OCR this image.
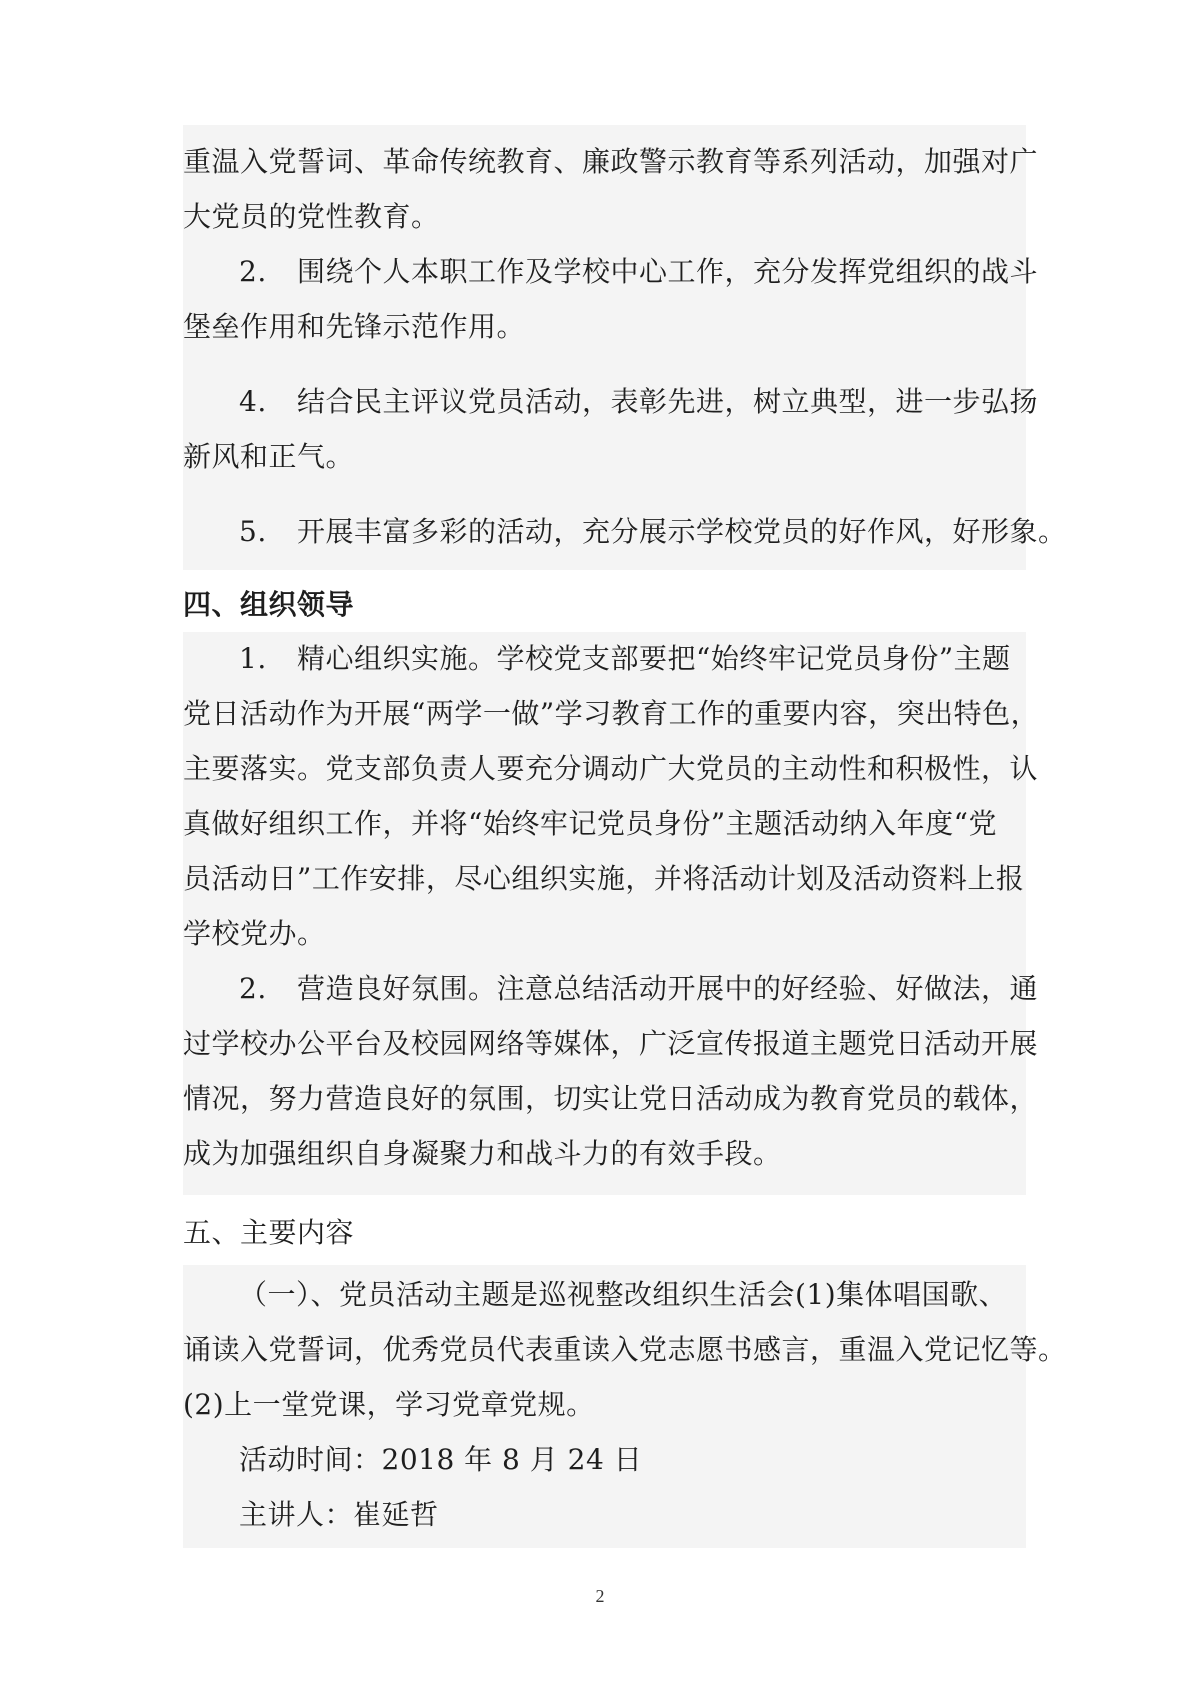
重温入党誓词、革命传统教育、廉政警示教育等系列活动，加强对广
大党员的党性教育。
2. 围绕个人本职工作及学校中心工作，充分发挥党组织的战斗
堡垒作用和先锋示范作用。
4. 结合民主评议党员活动，表彰先进，树立典型，进一步弘扬
新风和正气。
5. 开展丰富多彩的活动，充分展示学校党员的好作风，好形象。
四、组织领导
1. 精心组织实施。学校党支部要把“始终牢记党员身份”主题
党日活动作为开展“两学一做”学习教育工作的重要内容，突出特色，
主要落实。党支部负责人要充分调动广大党员的主动性和积极性，认
真做好组织工作，并将“始终牢记党员身份”主题活动纳入年度“党
员活动日”工作安排，尽心组织实施，并将活动计划及活动资料上报
学校党办。
2. 营造良好氛围。注意总结活动开展中的好经验、好做法，通
过学校办公平台及校园网络等媒体，广泛宣传报道主题党日活动开展
情况，努力营造良好的氛围，切实让党日活动成为教育党员的载体，
成为加强组织自身凝聚力和战斗力的有效手段。
五、主要内容
（一）、党员活动主题是巡视整改组织生活会(1)集体唱国歌、
诵读入党誓词，优秀党员代表重读入党志愿书感言，重温入党记忆等。
(2)上一堂党课，学习党章党规。
活动时间：2018 年 8 月 24 日
主讲人：崔延哲
2
